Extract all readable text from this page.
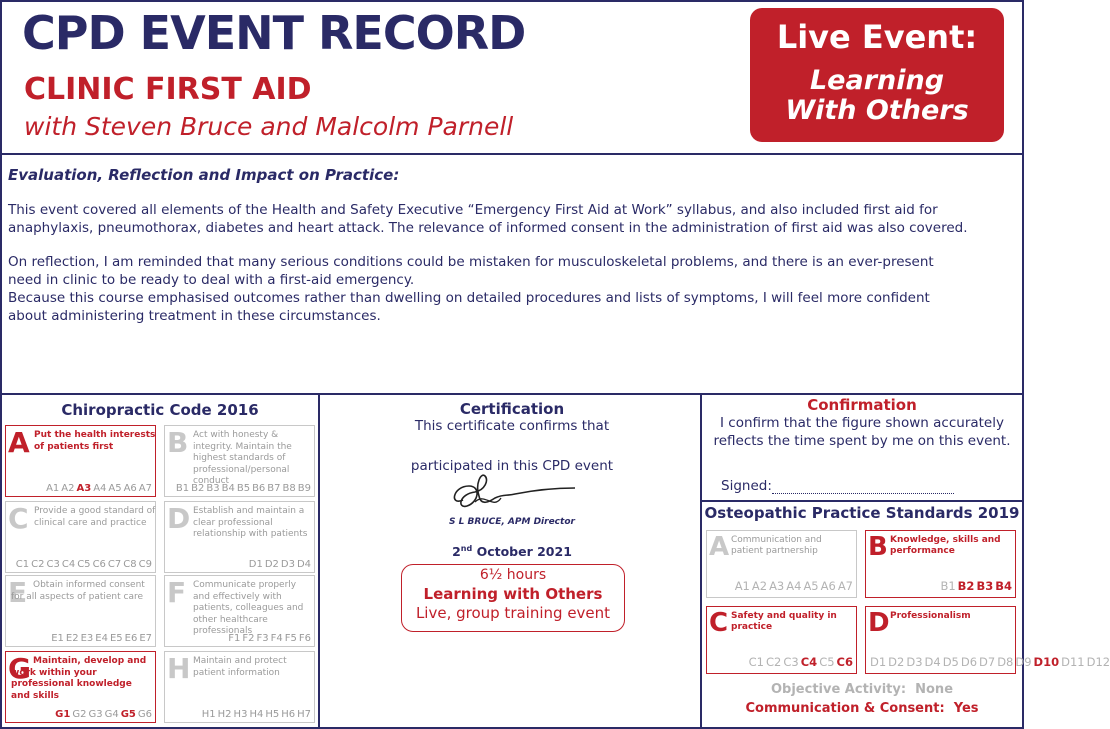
CPD EVENT RECORD
CLINIC FIRST AID
with Steven Bruce and Malcolm Parnell
Live Event:
Learning
With Others
Evaluation, Reflection and Impact on Practice:
This event covered all elements of the Health and Safety Executive “Emergency First Aid at Work” syllabus, and also included first aid for anaphylaxis, pneumothorax, diabetes and heart attack. The relevance of informed consent in the administration of first aid was also covered.
On reflection, I am reminded that many serious conditions could be mistaken for musculoskeletal problems, and there is an ever-present need in clinic to be ready to deal with a first-aid emergency.
Because this course emphasised outcomes rather than dwelling on detailed procedures and lists of symptoms, I will feel more confident about administering treatment in these circumstances.
Chiropractic Code 2016
A Put the health interests of patients first
A1 A2 A3 A4 A5 A6 A7
B Act with honesty & integrity. Maintain the highest standards of professional/personal conduct
B1 B2 B3 B4 B5 B6 B7 B8 B9
C Provide a good standard of clinical care and practice
C1 C2 C3 C4 C5 C6 C7 C8 C9
D Establish and maintain a clear professional relationship with patients
D1 D2 D3 D4
E Obtain informed consent for all aspects of patient care
E1 E2 E3 E4 E5 E6 E7
F Communicate properly and effectively with patients, colleagues and other healthcare professionals
F1 F2 F3 F4 F5 F6
G Maintain, develop and work within your professional knowledge and skills
G1 G2 G3 G4 G5 G6
H Maintain and protect patient information
H1 H2 H3 H4 H5 H6 H7
Certification
This certificate confirms that
participated in this CPD event
S L BRUCE, APM Director
2nd October 2021
6½ hours
Learning with Others
Live, group training event
Confirmation
I confirm that the figure shown accurately reflects the time spent by me on this event.
Signed:
Osteopathic Practice Standards 2019
A Communication and patient partnership
A1 A2 A3 A4 A5 A6 A7
B Knowledge, skills and performance
B1 B2 B3 B4
C Safety and quality in practice
C1 C2 C3 C4 C5 C6
D Professionalism
D1 D2 D3 D4 D5 D6 D7 D8 D9 D10 D11 D12
Objective Activity: None
Communication & Consent: Yes
